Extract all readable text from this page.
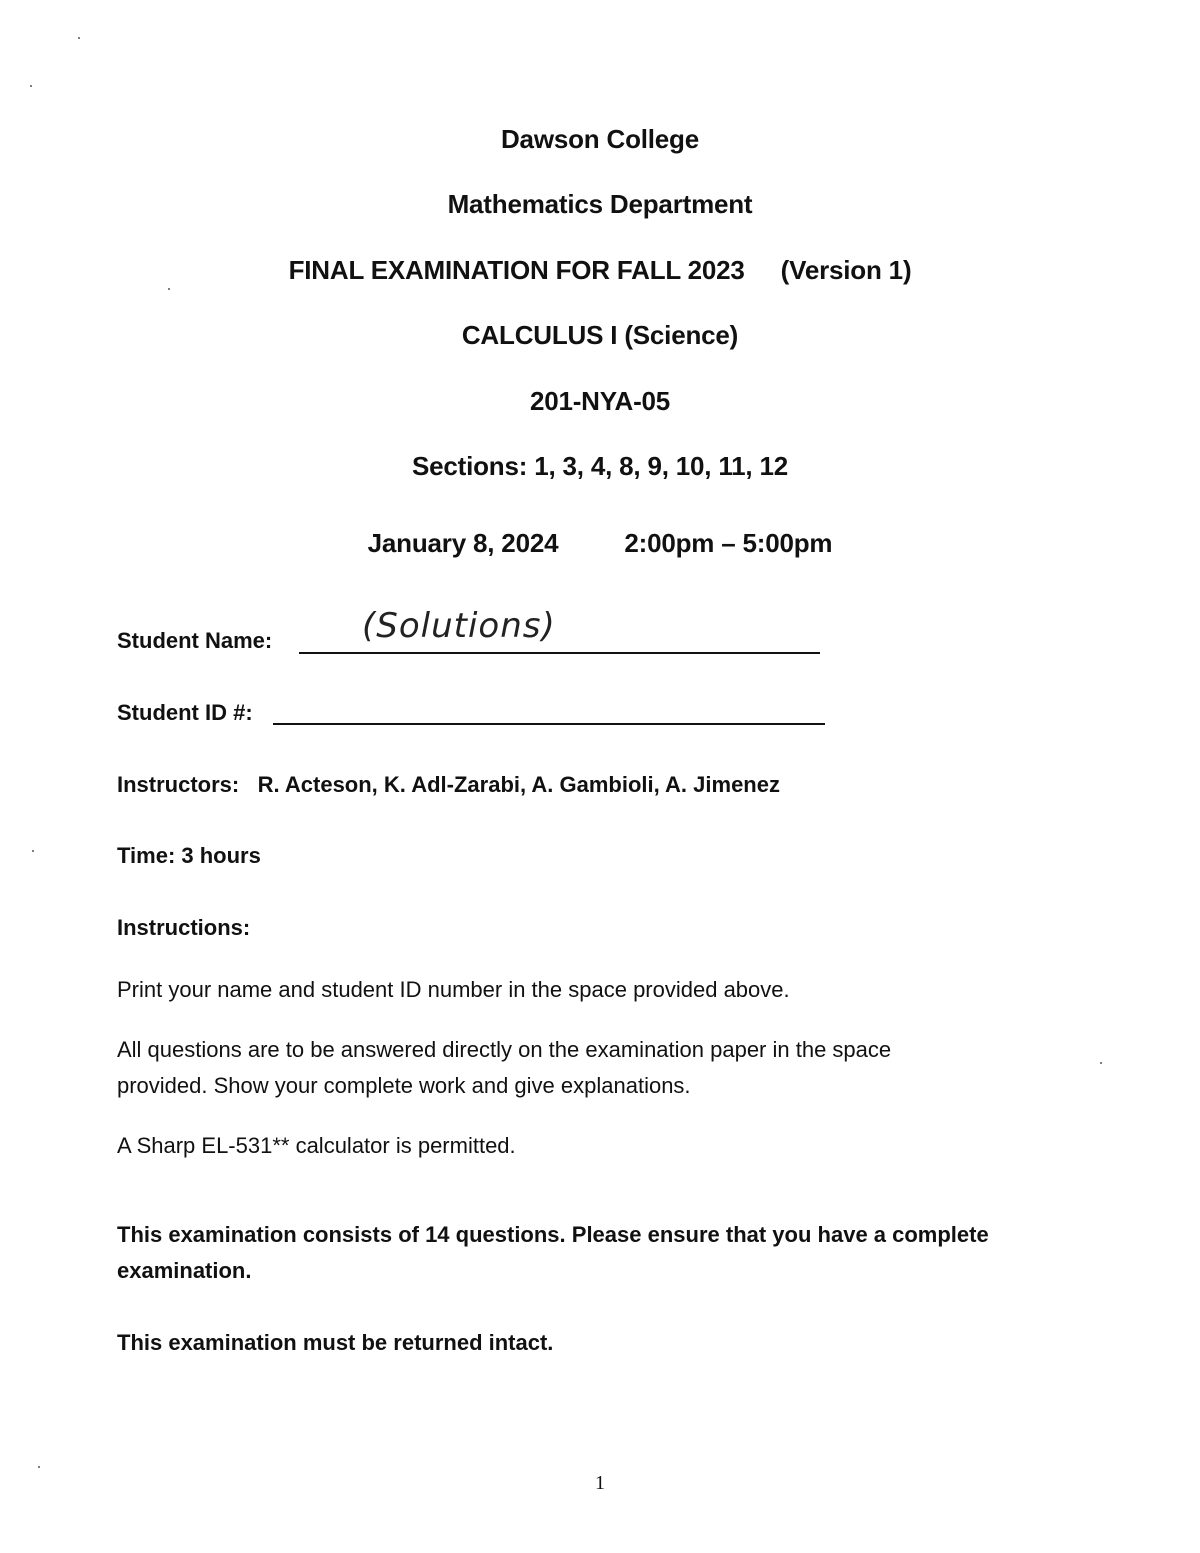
Dawson College
Mathematics Department
FINAL EXAMINATION FOR FALL 2023 (Version 1)
CALCULUS I (Science)
201-NYA-05
Sections: 1, 3, 4, 8, 9, 10, 11, 12
January 8, 2024	2:00pm – 5:00pm
Student Name:	(Solutions)
Student ID #:
Instructors: R. Acteson, K. Adl-Zarabi, A. Gambioli, A. Jimenez
Time: 3 hours
Instructions:
Print your name and student ID number in the space provided above.
All questions are to be answered directly on the examination paper in the space
provided. Show your complete work and give explanations.
A Sharp EL-531** calculator is permitted.
This examination consists of 14 questions. Please ensure that you have a complete
examination.
This examination must be returned intact.
1
